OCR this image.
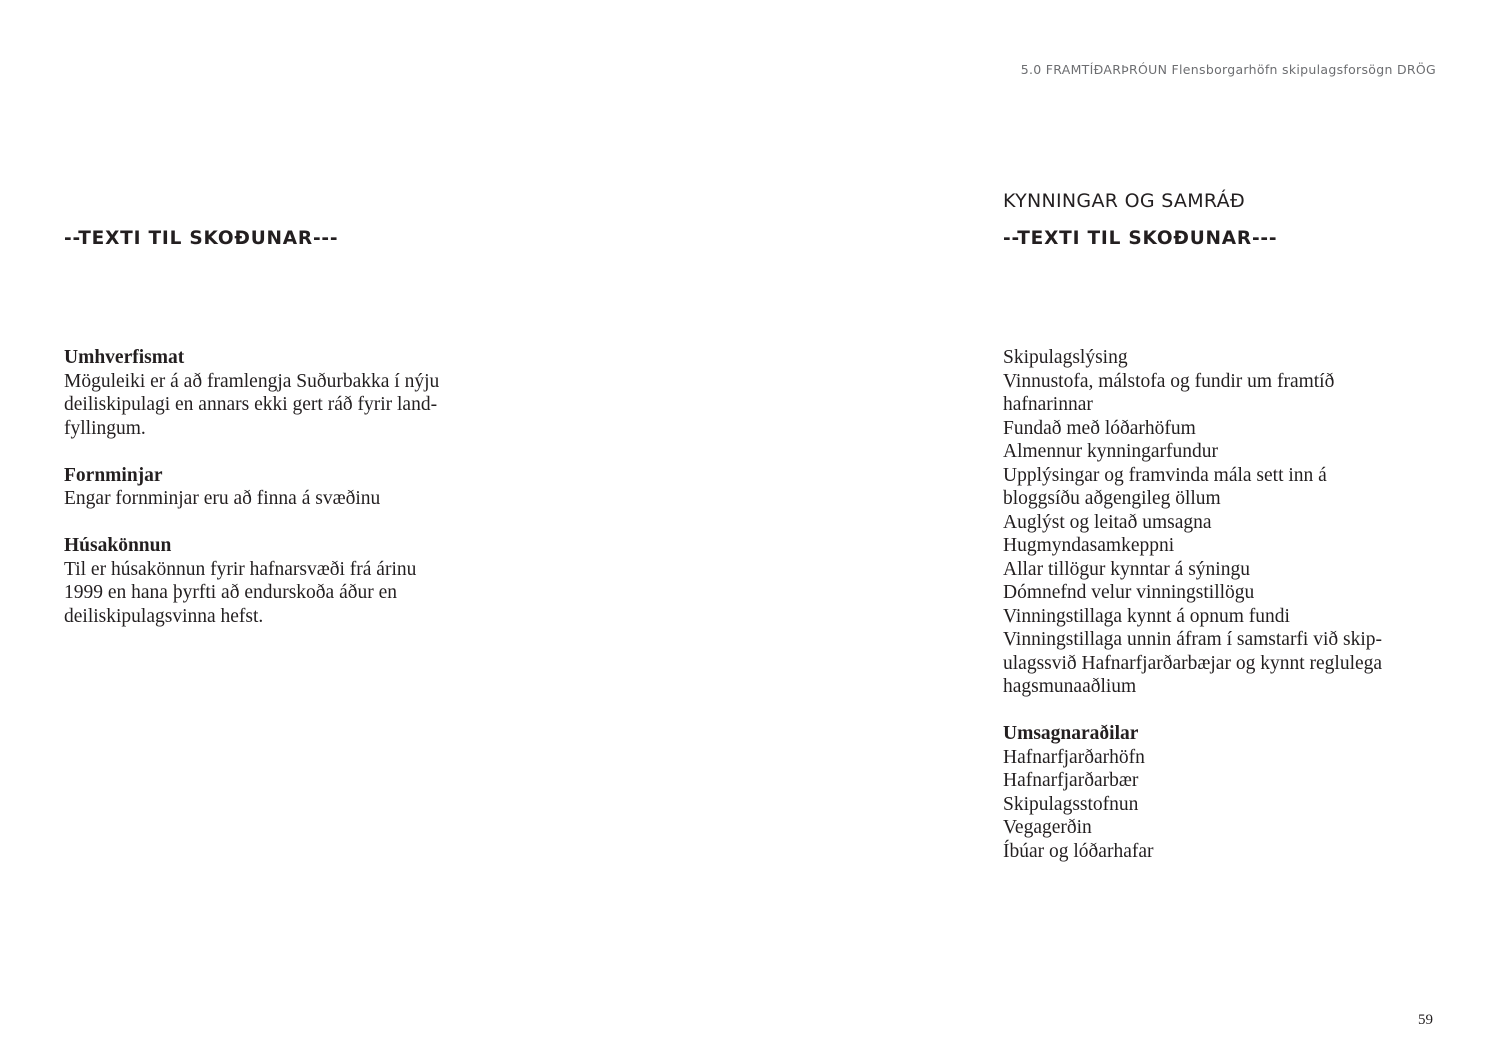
5.0 FRAMTÍÐARÞRÓUN Flensborgarhöfn skipulagsforsögn DRÖG
--TEXTI TIL SKOÐUNAR---
Umhverfismat
Möguleiki er á að framlengja Suðurbakka í nýju
deiliskipulagi en annars ekki gert ráð fyrir land-
fyllingum.
Fornminjar
Engar fornminjar eru að finna á svæðinu
Húsakönnun
Til er húsakönnun fyrir hafnarsvæði frá árinu
1999 en hana þyrfti að endurskoða áður en
deiliskipulagsvinna hefst.
KYNNINGAR OG SAMRÁÐ
--TEXTI TIL SKOÐUNAR---
Skipulagslýsing
Vinnustofa, málstofa og fundir um framtíð
hafnarinnar
Fundað með lóðarhöfum
Almennur kynningarfundur
Upplýsingar og framvinda mála sett inn á
bloggsíðu aðgengileg öllum
Auglýst og leitað umsagna
Hugmyndasamkeppni
Allar tillögur kynntar á sýningu
Dómnefnd velur vinningstillögu
Vinningstillaga kynnt á opnum fundi
Vinningstillaga unnin áfram í samstarfi við skip-
ulagssvið Hafnarfjarðarbæjar og kynnt reglulega
hagsmunaaðlium
Umsagnaraðilar
Hafnarfjarðarhöfn
Hafnarfjarðarbær
Skipulagsstofnun
Vegagerðin
Íbúar og lóðarhafar
59
